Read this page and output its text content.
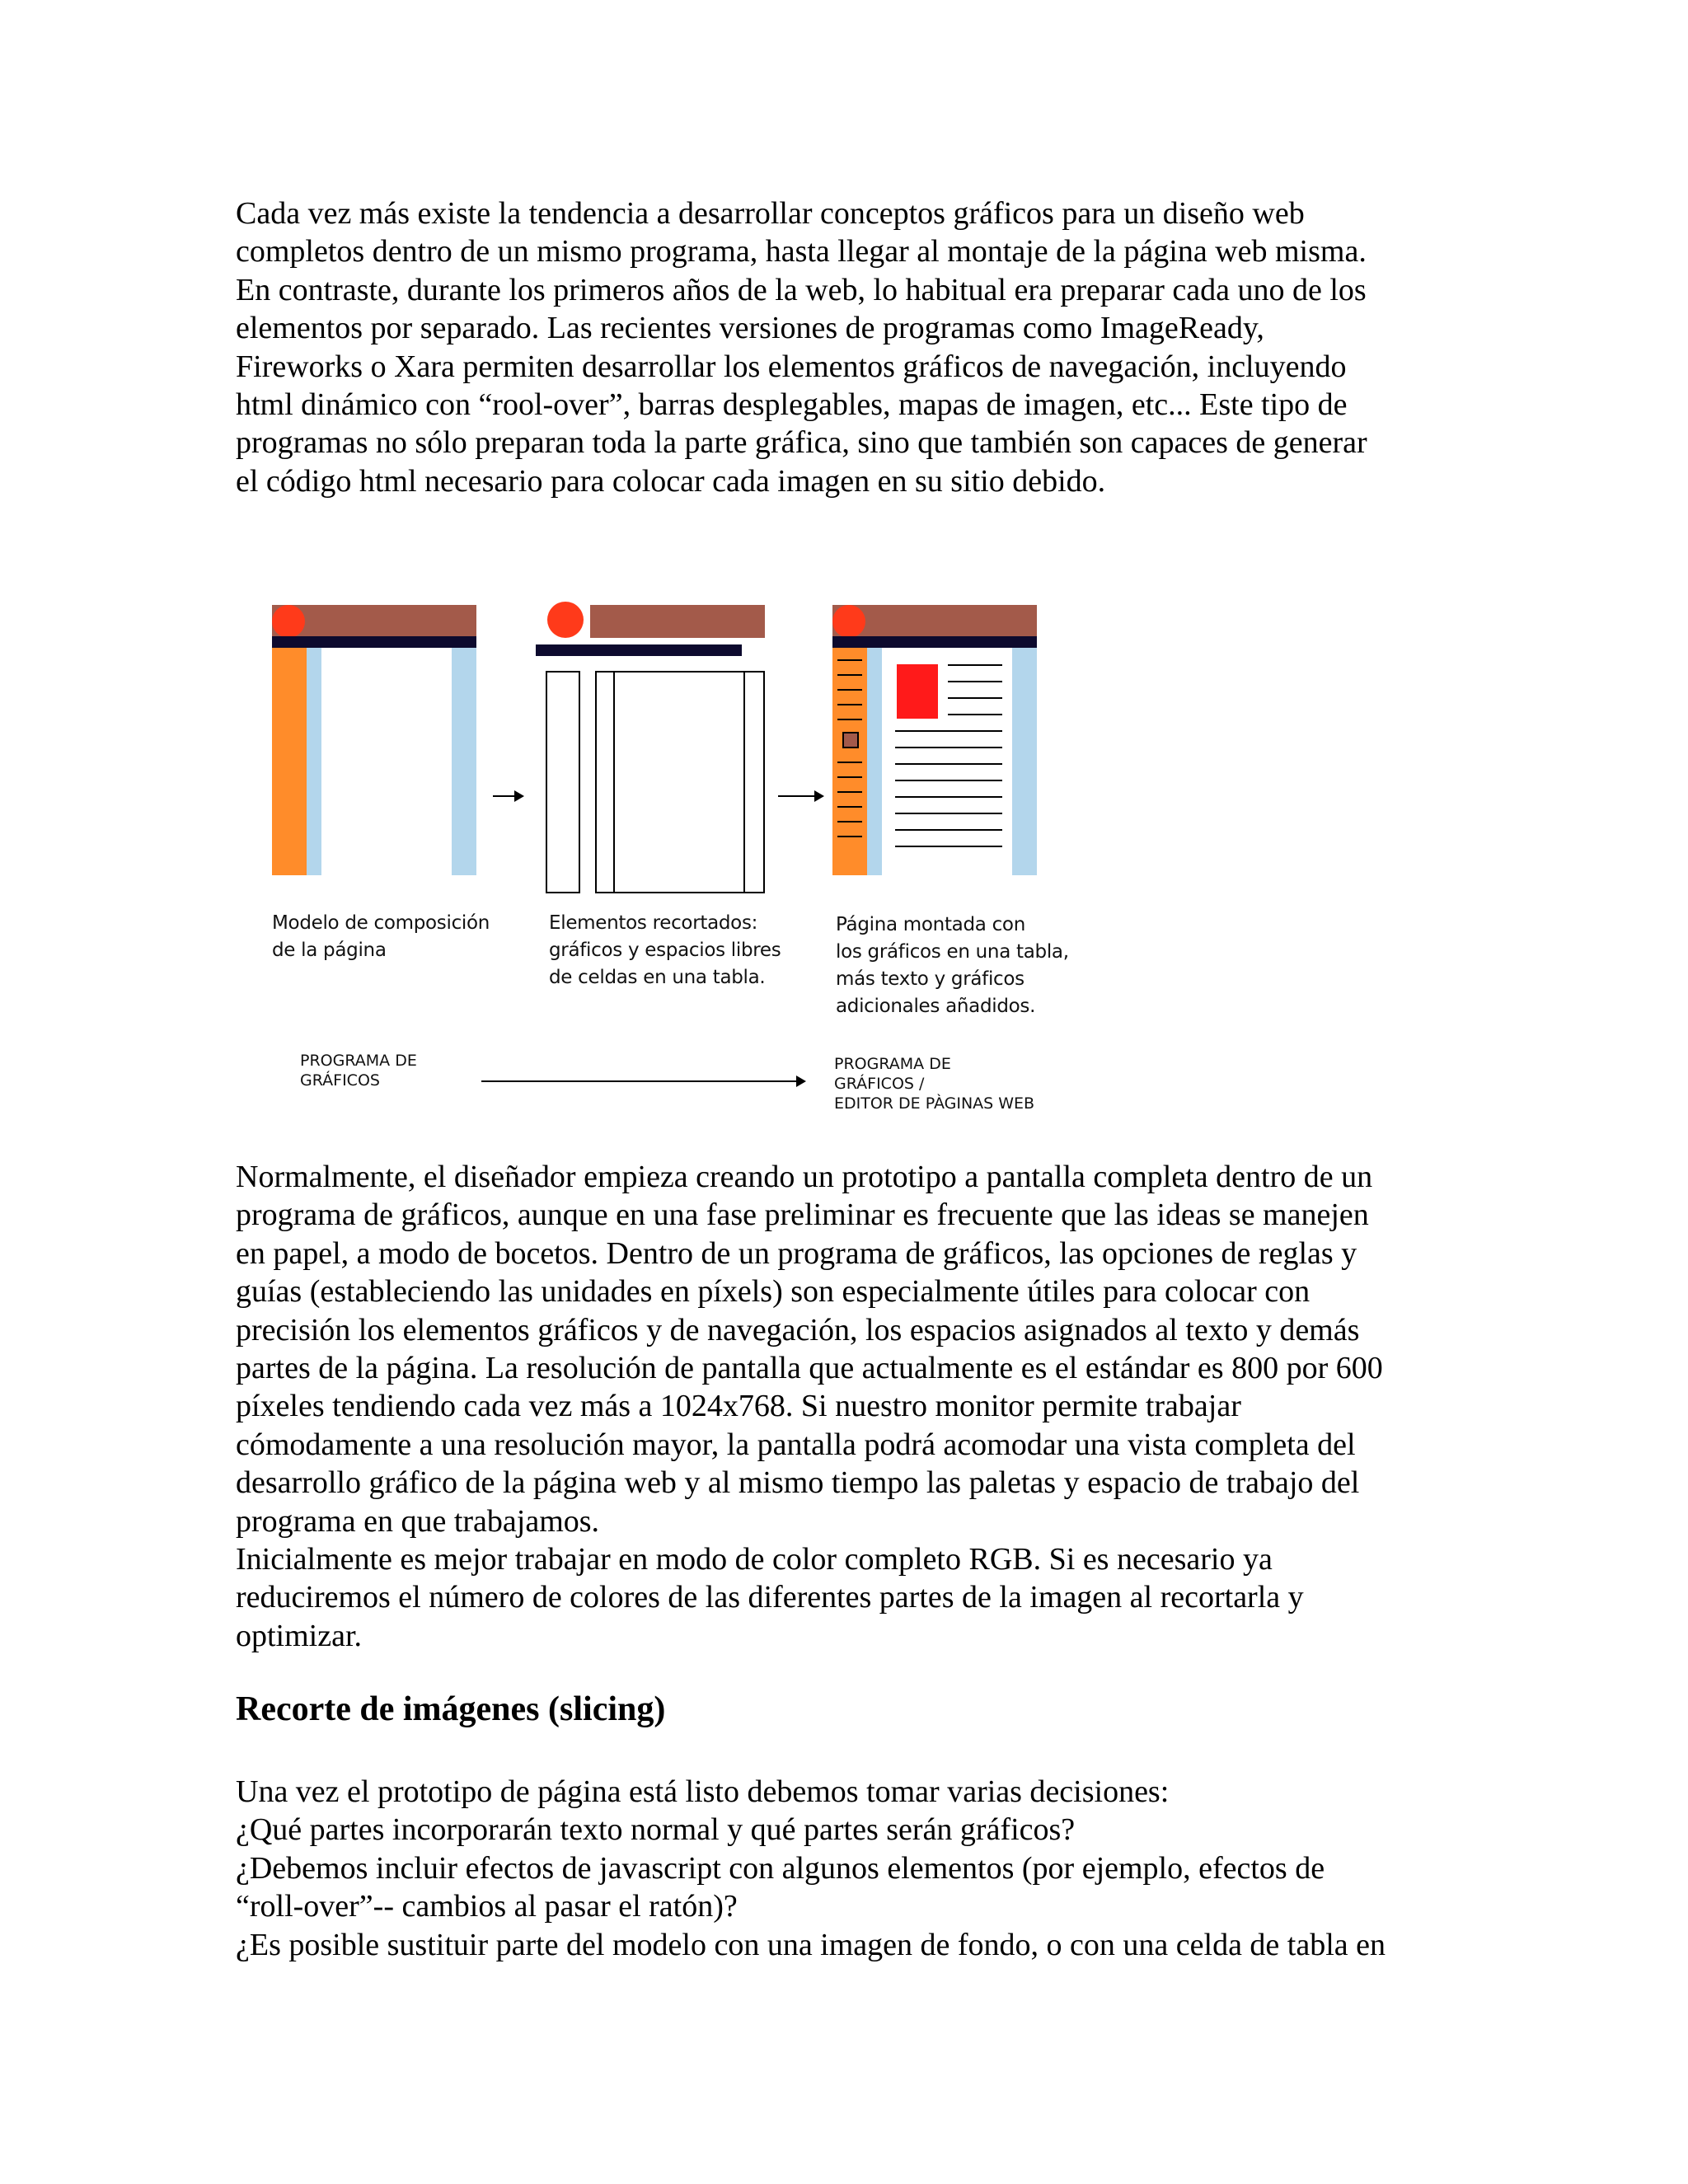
Cada vez más existe la tendencia a desarrollar conceptos gráficos para un diseño web
completos dentro de un mismo programa, hasta llegar al montaje de la página web misma.
En contraste, durante los primeros años de la web, lo habitual era preparar cada uno de los
elementos por separado. Las recientes versiones de programas como ImageReady,
Fireworks o Xara permiten desarrollar los elementos gráficos de navegación, incluyendo
html dinámico con “rool-over”, barras desplegables, mapas de imagen, etc... Este tipo de
programas no sólo preparan toda la parte gráfica, sino que también son capaces de generar
el código html necesario para colocar cada imagen en su sitio debido.
Modelo de composición
de la página
Elementos recortados:
gráficos y espacios libres
de celdas en una tabla.
Página montada con
los gráficos en una tabla,
más texto y gráficos
adicionales añadidos.
PROGRAMA DE
GRÁFICOS
PROGRAMA DE
GRÁFICOS /
EDITOR DE PÀGINAS WEB
Normalmente, el diseñador empieza creando un prototipo a pantalla completa dentro de un
programa de gráficos, aunque en una fase preliminar es frecuente que las ideas se manejen
en papel, a modo de bocetos. Dentro de un programa de gráficos, las opciones de reglas y
guías (estableciendo las unidades en píxels) son especialmente útiles para colocar con
precisión los elementos gráficos y de navegación, los espacios asignados al texto y demás
partes de la página. La resolución de pantalla que actualmente es el estándar es 800 por 600
píxeles tendiendo cada vez más a 1024x768. Si nuestro monitor permite trabajar
cómodamente a una resolución mayor, la pantalla podrá acomodar una vista completa del
desarrollo gráfico de la página web y al mismo tiempo las paletas y espacio de trabajo del
programa en que trabajamos.
Inicialmente es mejor trabajar en modo de color completo RGB. Si es necesario ya
reduciremos el número de colores de las diferentes partes de la imagen al recortarla y
optimizar.
Recorte de imágenes (slicing)
Una vez el prototipo de página está listo debemos tomar varias decisiones:
¿Qué partes incorporarán texto normal y qué partes serán gráficos?
¿Debemos incluir efectos de javascript con algunos elementos (por ejemplo, efectos de
“roll-over”-- cambios al pasar el ratón)?
¿Es posible sustituir parte del modelo con una imagen de fondo, o con una celda de tabla en
